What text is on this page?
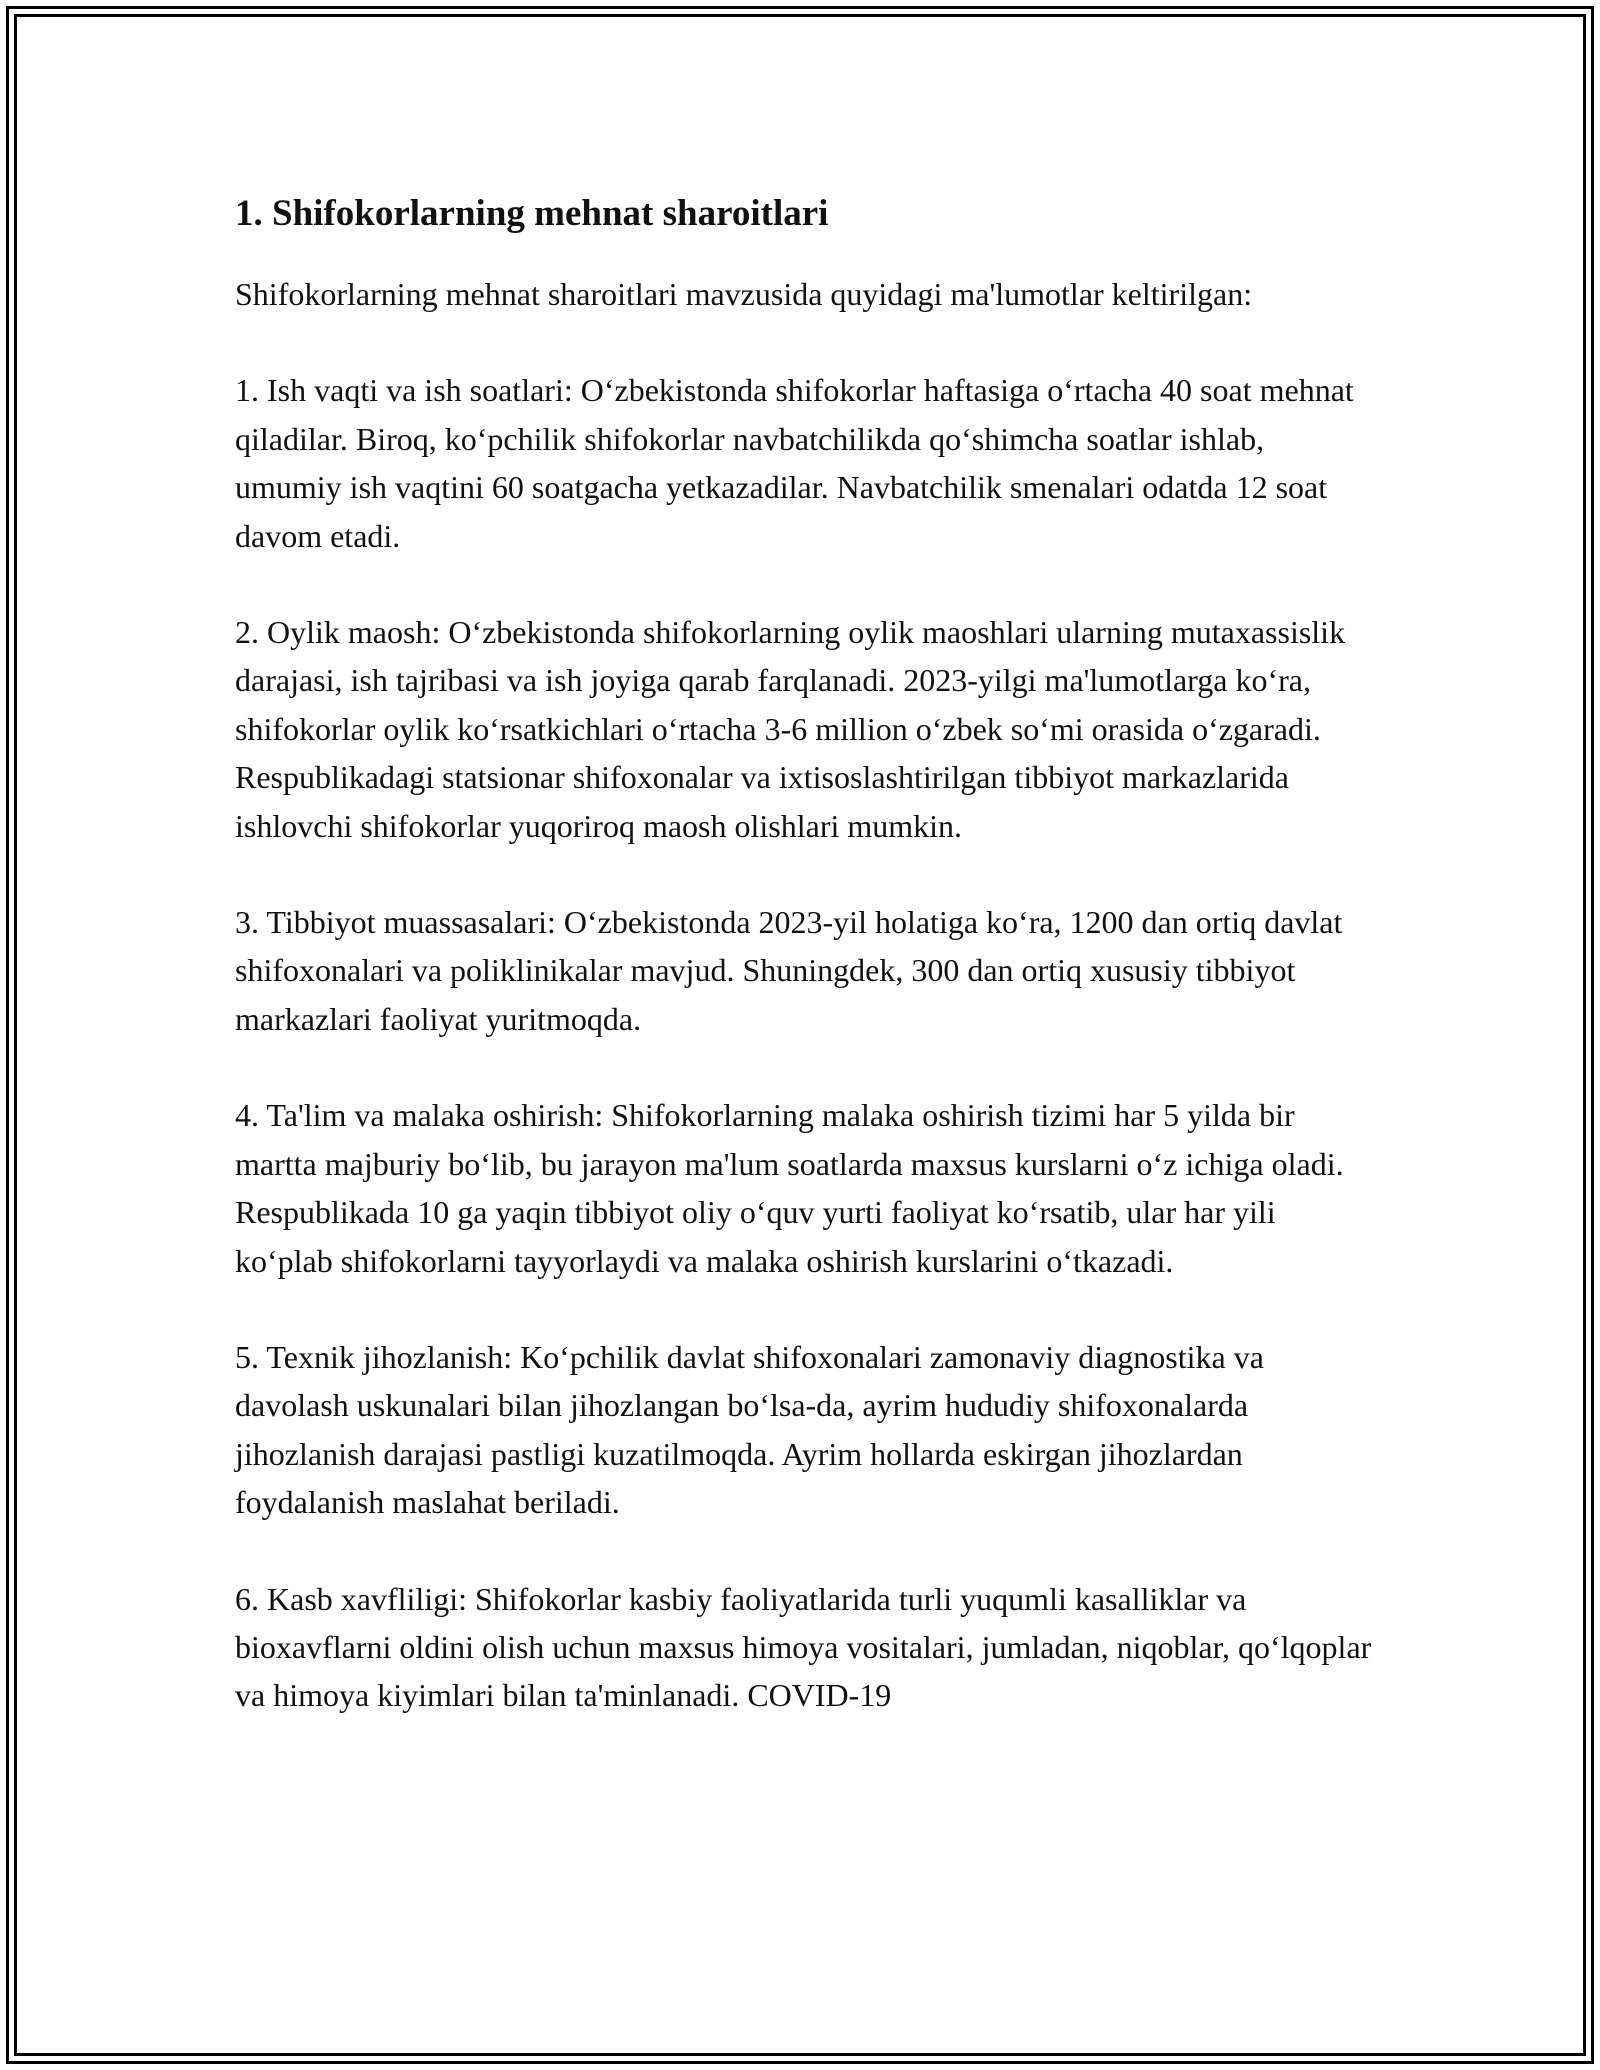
1. Shifokorlarning mehnat sharoitlari

Shifokorlarning mehnat sharoitlari mavzusida quyidagi ma'lumotlar keltirilgan:

1. Ish vaqti va ish soatlari: O‘zbekistonda shifokorlar haftasiga o‘rtacha 40 soat mehnat qiladilar. Biroq, ko‘pchilik shifokorlar navbatchilikda qo‘shimcha soatlar ishlab, umumiy ish vaqtini 60 soatgacha yetkazadilar. Navbatchilik smenalari odatda 12 soat davom etadi.

2. Oylik maosh: O‘zbekistonda shifokorlarning oylik maoshlari ularning mutaxassislik darajasi, ish tajribasi va ish joyiga qarab farqlanadi. 2023-yilgi ma'lumotlarga ko‘ra, shifokorlar oylik ko‘rsatkichlari o‘rtacha 3-6 million o‘zbek so‘mi orasida o‘zgaradi. Respublikadagi statsionar shifoxonalar va ixtisoslashtirilgan tibbiyot markazlarida ishlovchi shifokorlar yuqoriroq maosh olishlari mumkin.

3. Tibbiyot muassasalari: O‘zbekistonda 2023-yil holatiga ko‘ra, 1200 dan ortiq davlat shifoxonalari va poliklinikalar mavjud. Shuningdek, 300 dan ortiq xususiy tibbiyot markazlari faoliyat yuritmoqda.

4. Ta'lim va malaka oshirish: Shifokorlarning malaka oshirish tizimi har 5 yilda bir martta majburiy bo‘lib, bu jarayon ma'lum soatlarda maxsus kurslarni o‘z ichiga oladi. Respublikada 10 ga yaqin tibbiyot oliy o‘quv yurti faoliyat ko‘rsatib, ular har yili ko‘plab shifokorlarni tayyorlaydi va malaka oshirish kurslarini o‘tkazadi.

5. Texnik jihozlanish: Ko‘pchilik davlat shifoxonalari zamonaviy diagnostika va davolash uskunalari bilan jihozlangan bo‘lsa-da, ayrim hududiy shifoxonalarda jihozlanish darajasi pastligi kuzatilmoqda. Ayrim hollarda eskirgan jihozlardan foydalanish maslahat beriladi.

6. Kasb xavfliligi: Shifokorlar kasbiy faoliyatlarida turli yuqumli kasalliklar va bioxavflarni oldini olish uchun maxsus himoya vositalari, jumladan, niqoblar, qo‘lqoplar va himoya kiyimlari bilan ta'minlanadi. COVID-19
